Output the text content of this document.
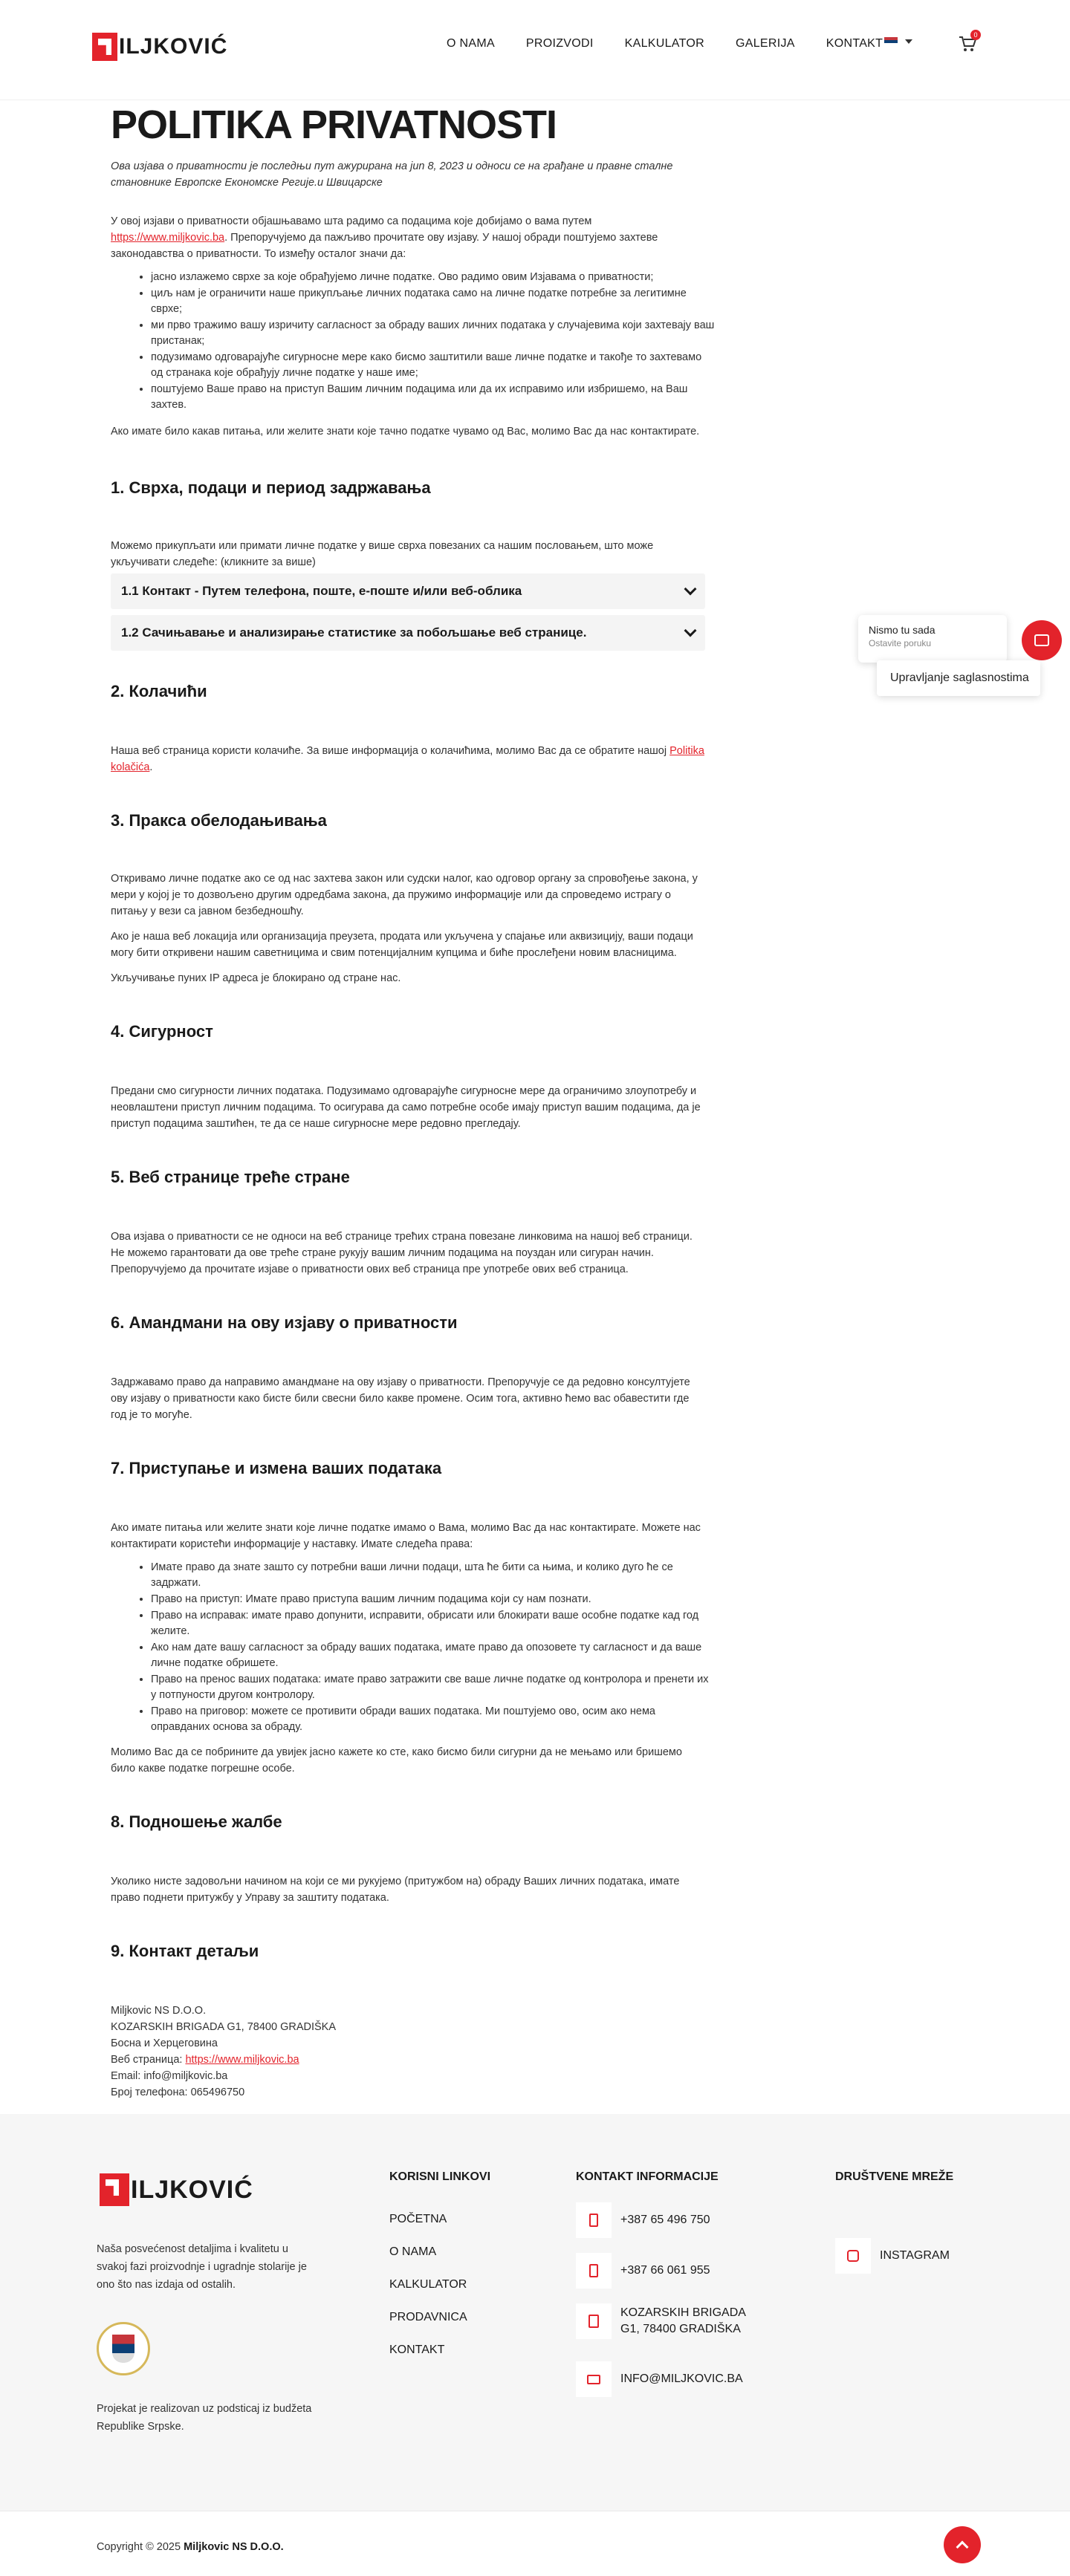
ILJKOVIĆ	O NAMA	PROIZVODI	KALKULATOR	GALERIJA	KONTAKT
0
POLITIKA PRIVATNOSTI

Ова изјава о приватности је последњи пут ажурирана на jun 8, 2023 и односи се на грађане и правне сталне становнике Европске Економске Регије.и Швицарске

У овој изјави о приватности објашњавамо шта радимо са подацима које добијамо о вама путем https://www.miljkovic.ba. Препоручујемо да пажљиво прочитате ову изјаву. У нашој обради поштујемо захтеве законодавства о приватности. То између осталог значи да:

• јасно излажемо сврхе за које обрађујемо личне податке. Ово радимо овим Изјавама о приватности;
• циљ нам је ограничити наше прикупљање личних података само на личне податке потребне за легитимне сврхе;
• ми прво тражимо вашу изричиту сагласност за обраду ваших личних података у случајевима који захтевају ваш пристанак;
• подузимамо одговарајуће сигурносне мере како бисмо заштитили ваше личне податке и такође то захтевамо од странака које обрађују личне податке у наше име;
• поштујемо Ваше право на приступ Вашим личним подацима или да их исправимо или избришемо, на Ваш захтев.

Ако имате било какав питања, или желите знати које тачно податке чувамо од Вас, молимо Вас да нас контактирате.

1. Сврха, подаци и период задржавања

Можемо прикупљати или примати личне податке у више сврха повезаних са нашим пословањем, што може укључивати следеће: (кликните за више)

1.1 Контакт - Путем телефона, поште, е-поште и/или веб-облика
1.2 Сачињавање и анализирање статистике за побољшање веб странице.
2. Колачићи

Наша веб страница користи колачиће. За више информација о колачићима, молимо Вас да се обратите нашој Politika kolačića.

3. Пракса обелодањивања

Откривамо личне податке ако се од нас захтева закон или судски налог, као одговор органу за спровођење закона, у мери у којој је то дозвољено другим одредбама закона, да пружимо информације или да спроведемо истрагу о питању у вези са јавном безбедношћу.

Ако је наша веб локација или организација преузета, продата или укључена у спајање или аквизицију, ваши подаци могу бити откривени нашим саветницима и свим потенцијалним купцима и биће прослеђени новим власницима.

Укључивање пуних IP адреса је блокирано од стране нас.

4. Сигурност

Предани смо сигурности личних података. Подузимамо одговарајуће сигурносне мере да ограничимо злоупотребу и неовлаштени приступ личним подацима. То осигурава да само потребне особе имају приступ вашим подацима, да је приступ подацима заштићен, те да се наше сигурносне мере редовно прегледају.

5. Веб странице треће стране

Ова изјава о приватности се не односи на веб странице трећих страна повезане линковима на нашој веб страници. Не можемо гарантовати да ове треће стране рукују вашим личним подацима на поуздан или сигуран начин. Препоручујемо да прочитате изјаве о приватности ових веб страница пре употребе ових веб страница.

6. Амандмани на ову изјаву о приватности

Задржавамо право да направимо амандмане на ову изјаву о приватности. Препоручује се да редовно консултујете ову изјаву о приватности како бисте били свесни било какве промене. Осим тога, активно ћемо вас обавестити где год је то могуће.

7. Приступање и измена ваших података

Ако имате питања или желите знати које личне податке имамо о Вама, молимо Вас да нас контактирате. Можете нас контактирати користећи информације у наставку. Имате следећа права:

• Имате право да знате зашто су потребни ваши лични подаци, шта ће бити са њима, и колико дуго ће се задржати.
• Право на приступ: Имате право приступа вашим личним подацима који су нам познати.
• Право на исправак: имате право допунити, исправити, обрисати или блокирати ваше особне податке кад год желите.
• Ако нам дате вашу сагласност за обраду ваших података, имате право да опозовете ту сагласност и да ваше личне податке обришете.
• Право на пренос ваших података: имате право затражити све ваше личне податке од контролора и пренети их у потпуности другом контролору.
• Право на приговор: можете се противити обради ваших података. Ми поштујемо ово, осим ако нема оправданих основа за обраду.

Молимо Вас да се побрините да увијек јасно кажете ко сте, како бисмо били сигурни да не мењамо или бришемо било какве податке погрешне особе.

8. Подношење жалбе

Уколико нисте задовољни начином на који се ми рукујемо (притужбом на) обраду Ваших личних података, имате право поднети притужбу у Управу за заштиту података.

9. Контакт детаљи
Miljkovic NS D.O.O.
KOZARSKIH BRIGADA G1, 78400 GRADIŠKA
Босна и Херцеговина
Веб страница: https://www.miljkovic.ba
Email: info@miljkovic.ba
Број телефона: 065496750
Nismo tu sada
Ostavite poruku
Upravljanje saglasnostima
ILJKOVIĆ

Naša posvećenost detaljima i kvalitetu u svakoj fazi proizvodnje i ugradnje stolarije je ono što nas izdaja od ostalih.

Projekat je realizovan uz podsticaj iz budžeta Republike Srpske.

KORISNI LINKOVI
POČETNA
O NAMA
KALKULATOR
PRODAVNICA
KONTAKT
KONTAKT INFORMACIJE
+387 65 496 750
+387 66 061 955
KOZARSKIH BRIGADA G1, 78400 GRADIŠKA
INFO@MILJKOVIC.BA
DRUŠTVENE MREŽE
INSTAGRAM
Copyright © 2025 Miljkovic NS D.O.O.
